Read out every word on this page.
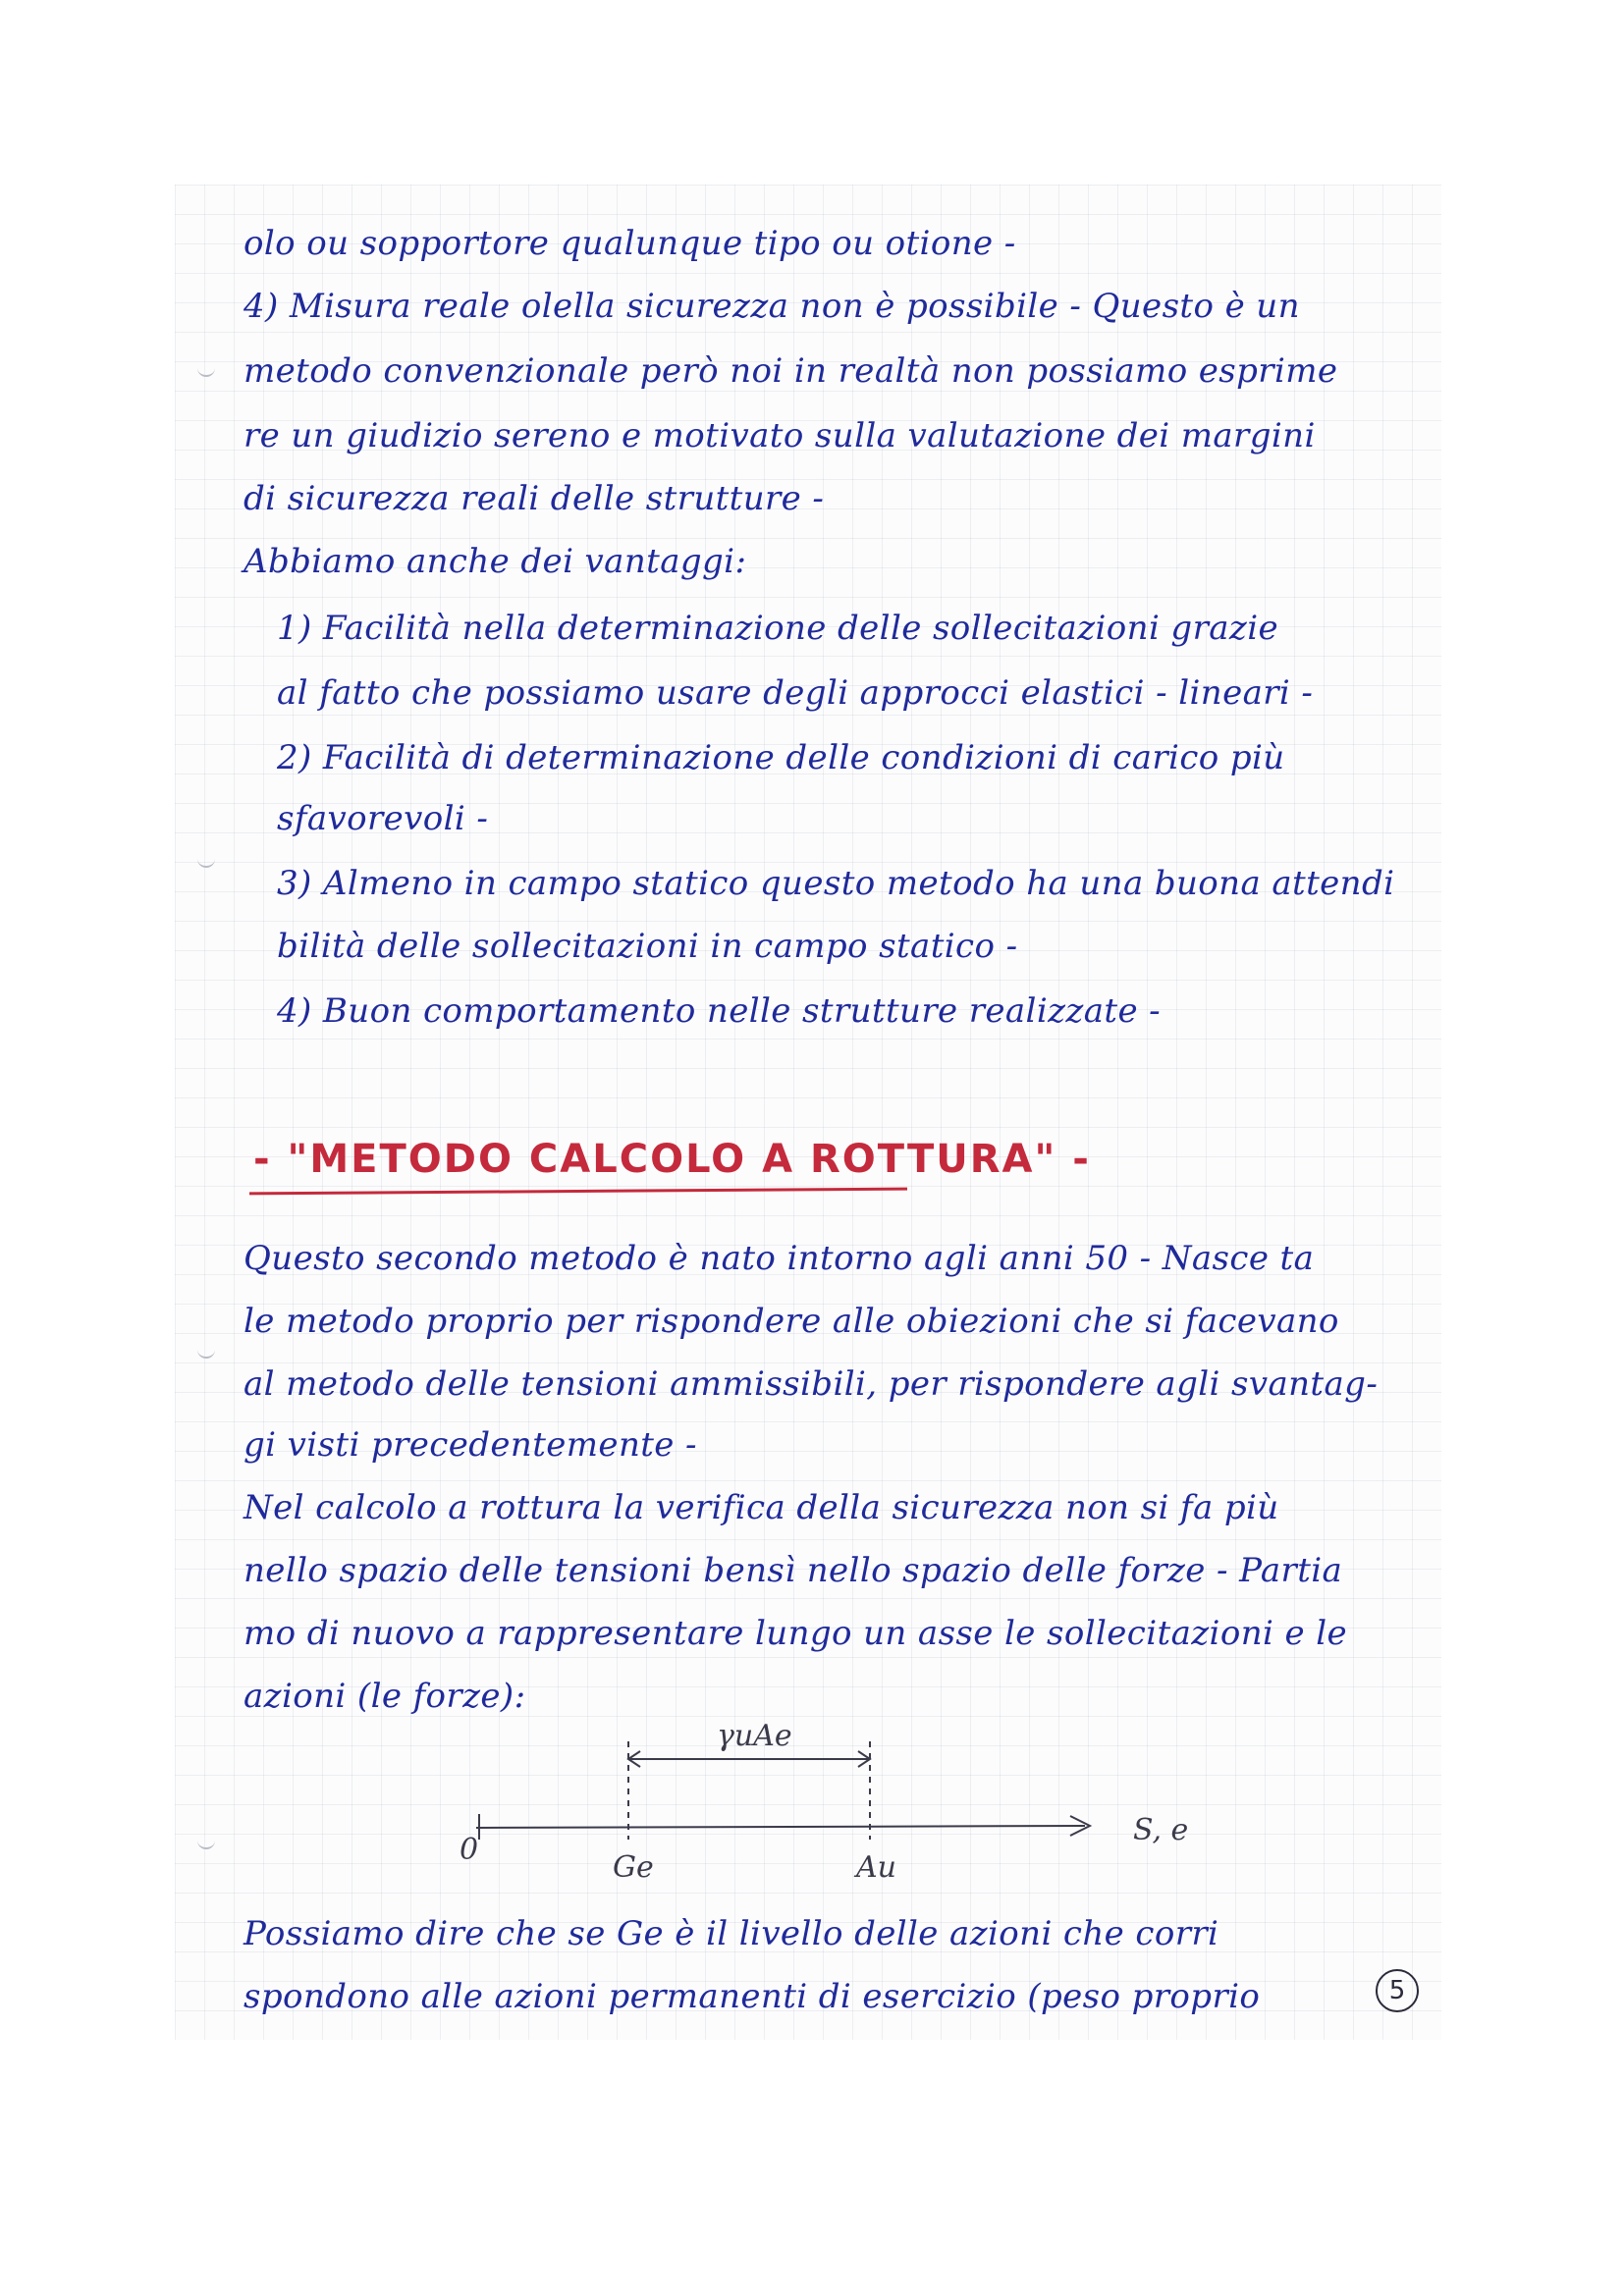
olo ou sopportore qualunque tipo ou otione -

4) Misura reale olella sicurezza non è possibile - Questo è un

metodo convenzionale però noi in realtà non possiamo esprime

re un giudizio sereno e motivato sulla valutazione dei margini

di sicurezza reali delle strutture -

Abbiamo anche dei vantaggi:

1) Facilità nella determinazione delle sollecitazioni grazie

al fatto che possiamo usare degli approcci elastici - lineari -

2) Facilità di determinazione delle condizioni di carico più

sfavorevoli -

3) Almeno in campo statico questo metodo ha una buona attendi

bilità delle sollecitazioni in campo statico -

4) Buon comportamento nelle strutture realizzate -

- "METODO CALCOLO A ROTTURA" -

Questo secondo metodo è nato intorno agli anni 50 - Nasce ta

le metodo proprio per rispondere alle obiezioni che si facevano

al metodo delle tensioni ammissibili, per rispondere agli svantag-

gi visti precedentemente -

Nel calcolo a rottura la verifica della sicurezza non si fa più

nello spazio delle tensioni bensì nello spazio delle forze - Partia

mo di nuovo a rappresentare lungo un asse le sollecitazioni e le

azioni (le forze):

γuAe
0
Ge	Au
S, e

Possiamo dire che se Ge è il livello delle azioni che corri

spondono alle azioni permanenti di esercizio (peso proprio	5
